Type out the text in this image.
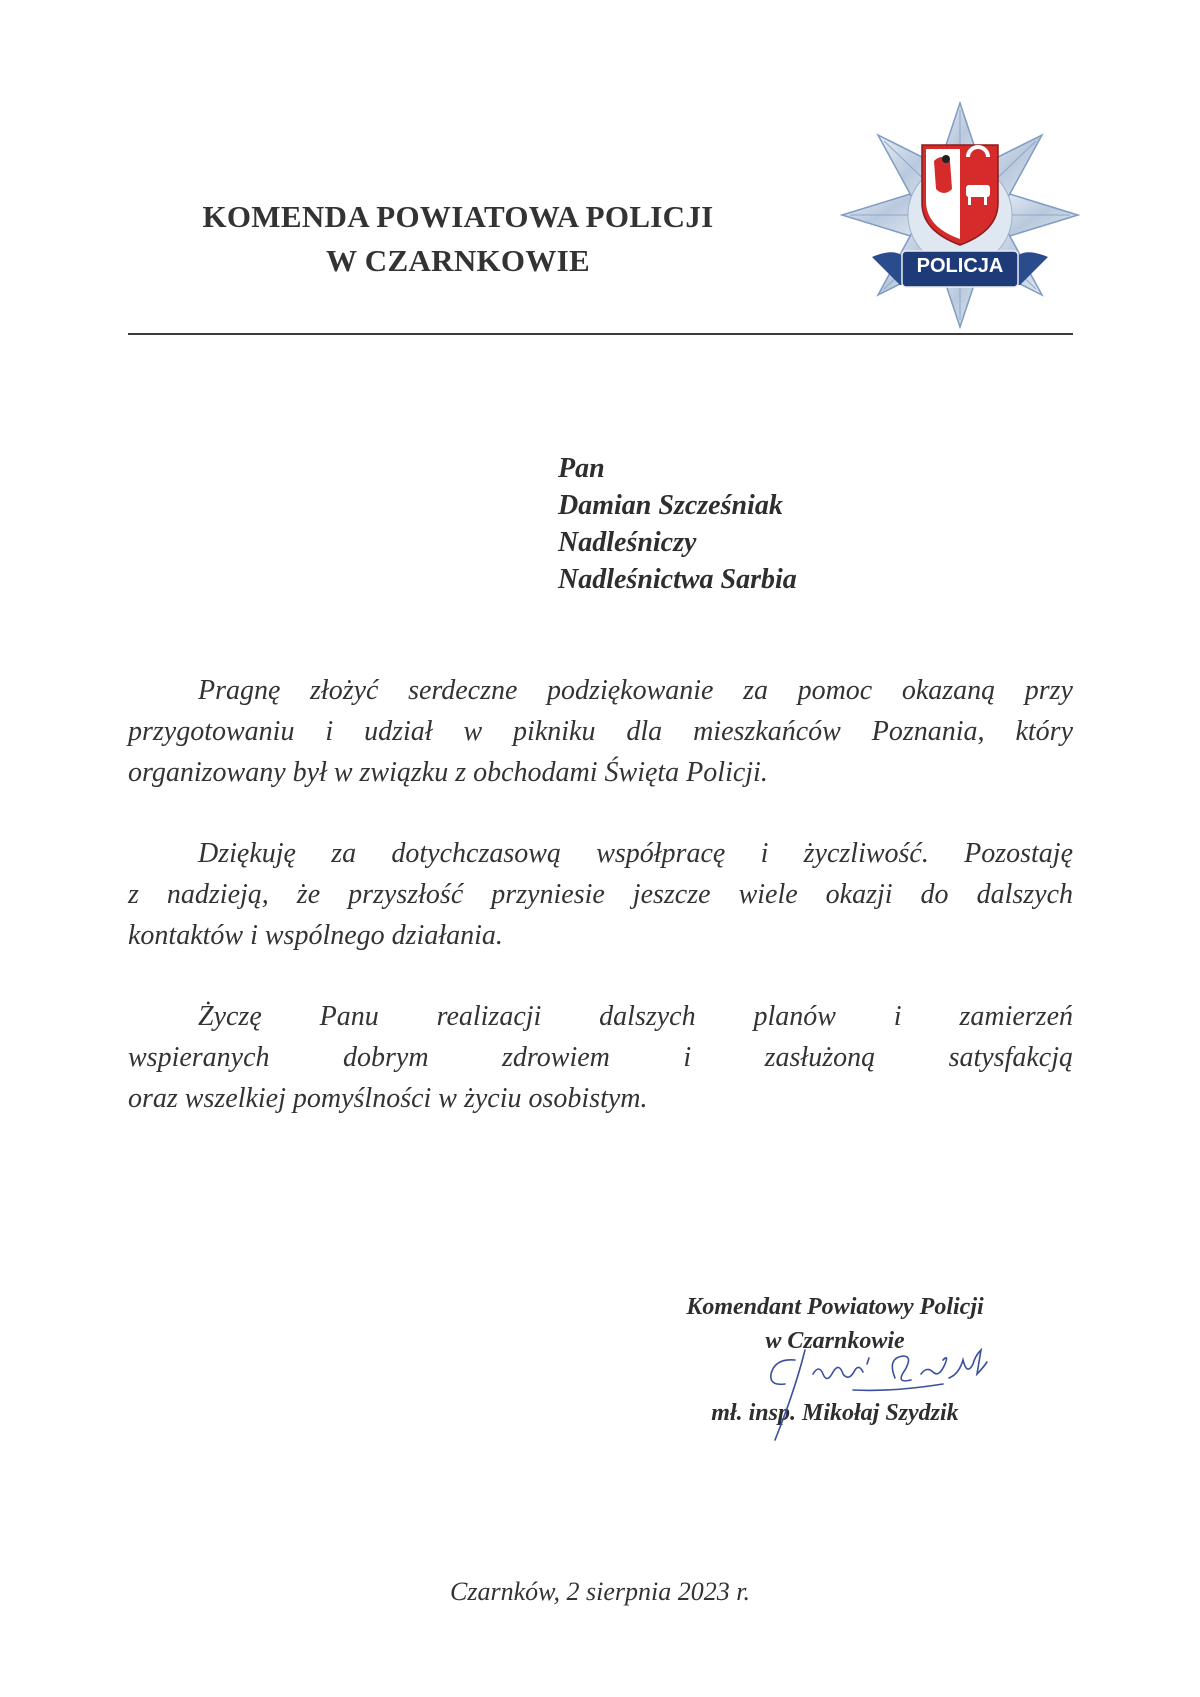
KOMENDA POWIATOWA POLICJI
W CZARNKOWIE	POLICJA
Pan
Damian Szcześniak
Nadleśniczy
Nadleśnictwa Sarbia
Pragnę złożyć serdeczne podziękowanie za pomoc okazaną przy
przygotowaniu i udział w pikniku dla mieszkańców Poznania, który
organizowany był w związku z obchodami Święta Policji.
Dziękuję za dotychczasową współpracę i życzliwość. Pozostaję
z nadzieją, że przyszłość przyniesie jeszcze wiele okazji do dalszych
kontaktów i wspólnego działania.
Życzę Panu realizacji dalszych planów i zamierzeń
wspieranych dobrym zdrowiem i zasłużoną satysfakcją
oraz wszelkiej pomyślności w życiu osobistym.
Komendant Powiatowy Policji
w Czarnkowie
mł. insp. Mikołaj Szydzik
Czarnków, 2 sierpnia 2023 r.
